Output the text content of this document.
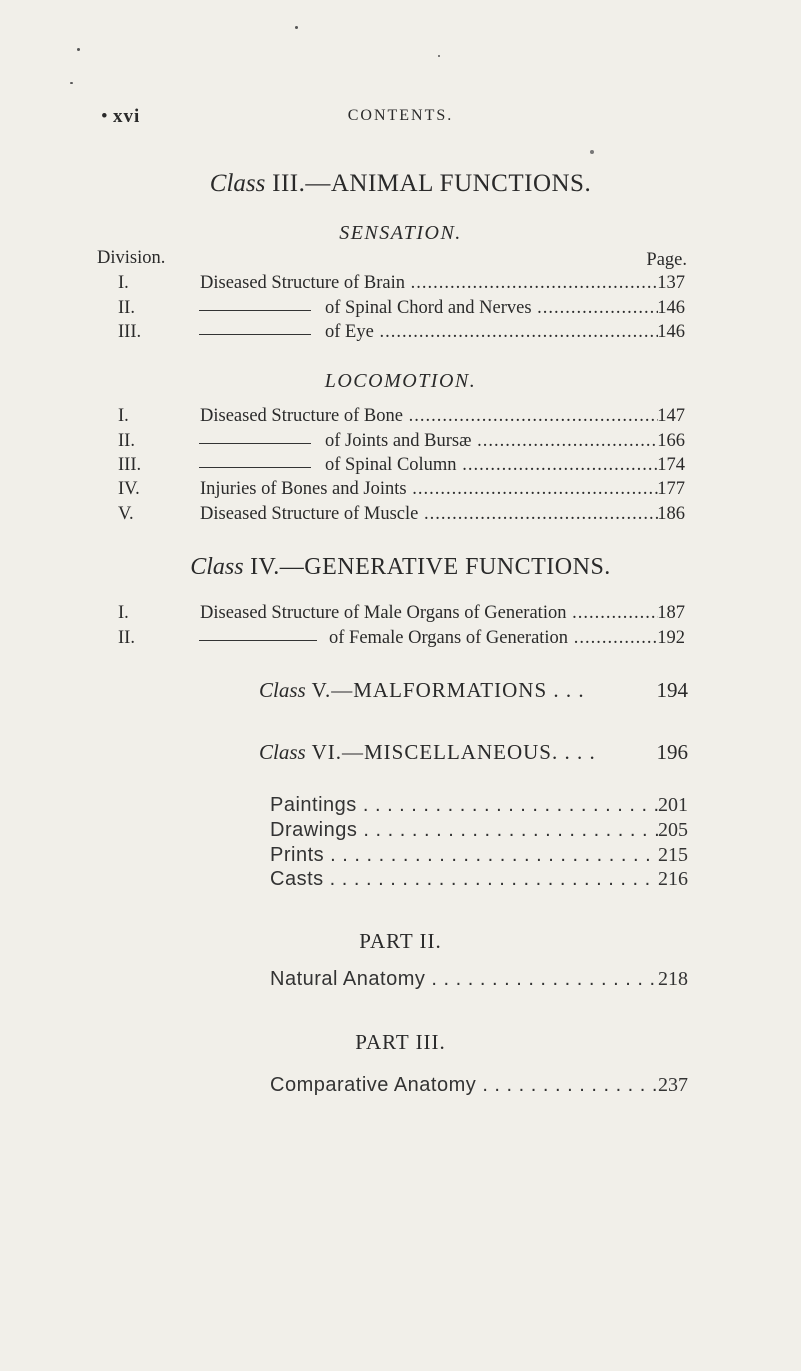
• xvi	CONTENTS.
Class III.—ANIMAL FUNCTIONS.
SENSATION.
Division.	Page.
I.	Diseased Structure of Brain .....	137
II.	of Spinal Chord and Nerves .....	146
III.	of Eye .....	146
LOCOMOTION.
I.	Diseased Structure of Bone .....	147
II.	of Joints and Bursæ .....	166
III.	of Spinal Column .....	174
IV.	Injuries of Bones and Joints .....	177
V.	Diseased Structure of Muscle .....	186
Class IV.—GENERATIVE FUNCTIONS.
I.	Diseased Structure of Male Organs of Generation .....	187
II.	of Female Organs of Generation .....	192
Class V.—MALFORMATIONS . . .	194
Class VI.—MISCELLANEOUS. . . .	196
Paintings . . .	201
Drawings . . .	205
Prints . . .	215
Casts . . .	216
PART II.
Natural Anatomy . . .	218
PART III.
Comparative Anatomy . . .	237
